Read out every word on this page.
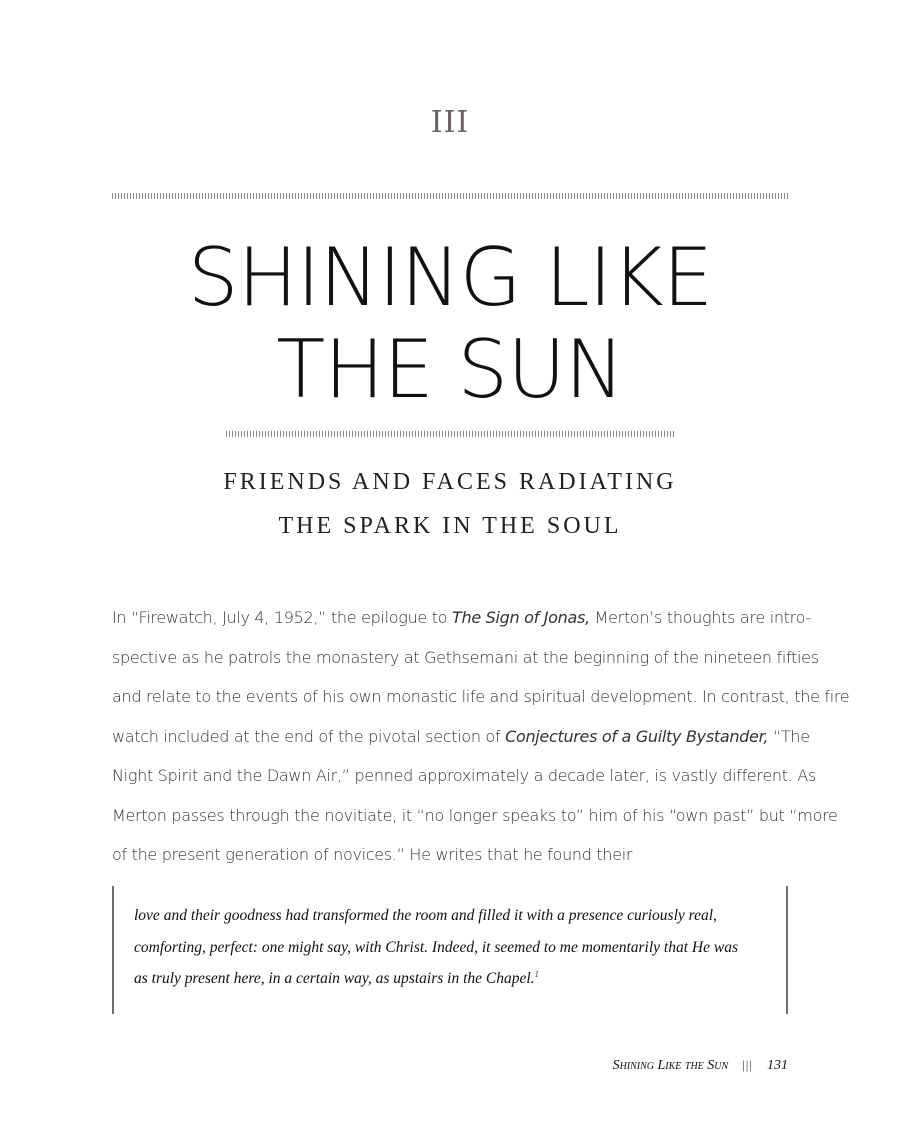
III
SHINING LIKE
THE SUN
FRIENDS AND FACES RADIATING
THE SPARK IN THE SOUL
In “Firewatch, July 4, 1952,” the epilogue to The Sign of Jonas, Merton’s thoughts are intro-
spective as he patrols the monastery at Gethsemani at the beginning of the nineteen fifties
and relate to the events of his own monastic life and spiritual development. In contrast, the fire
watch included at the end of the pivotal section of Conjectures of a Guilty Bystander, “The
Night Spirit and the Dawn Air,” penned approximately a decade later, is vastly different. As
Merton passes through the novitiate, it “no longer speaks to” him of his “own past” but “more
of the present generation of novices.” He writes that he found their
love and their goodness had transformed the room and filled it with a presence curiously real,
comforting, perfect: one might say, with Christ. Indeed, it seemed to me momentarily that He was
as truly present here, in a certain way, as upstairs in the Chapel.$^1$
Shining Like the Sun ||| 131
